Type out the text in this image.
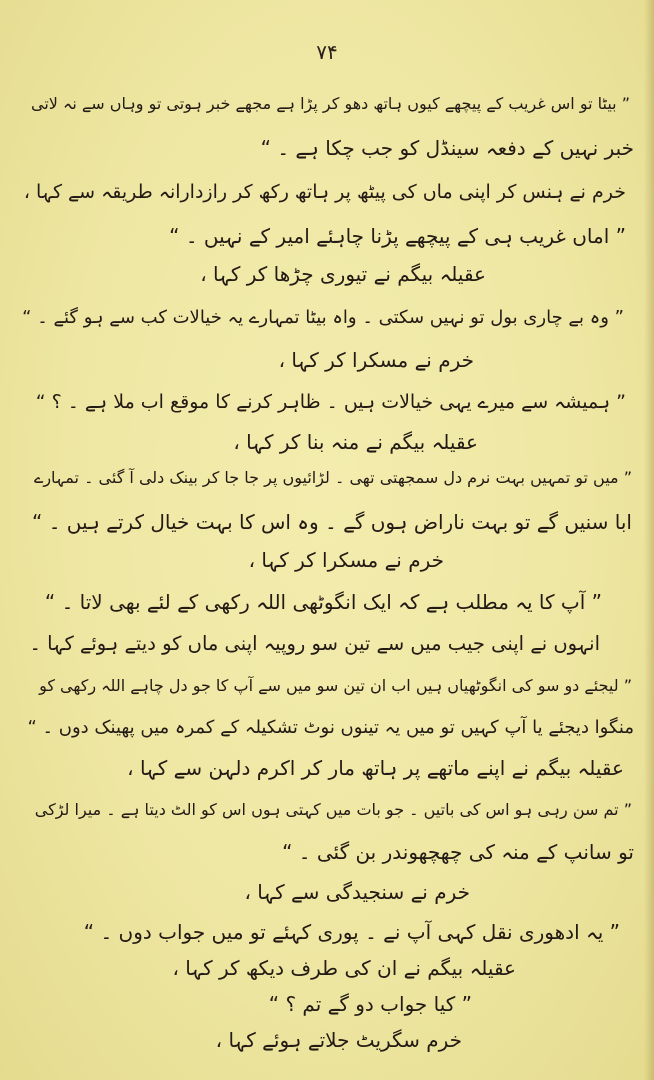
۷۴
” بیٹا تو اس غریب کے پیچھے کیوں ہاتھ دھو کر پڑا ہے مجھے خبر ہوتی تو وہاں سے نہ لاتی
خبر نہیں کے دفعہ سینڈل کو جب چکا ہے ۔ “
خرم نے ہنس کر اپنی ماں کی پیٹھ پر ہاتھ رکھ کر رازدارانہ طریقہ سے کہا ،
” اماں غریب ہی کے پیچھے پڑنا چاہئے امیر کے نہیں ۔ “
عقیلہ بیگم نے تیوری چڑھا کر کہا ،
” وہ بے چاری بول تو نہیں سکتی ۔ واہ بیٹا تمہارے یہ خیالات کب سے ہو گئے ۔ “
خرم نے مسکرا کر کہا ،
” ہمیشہ سے میرے یہی خیالات ہیں ۔ ظاہر کرنے کا موقع اب ملا ہے ۔ ؟ “
عقیلہ بیگم نے منہ بنا کر کہا ،
” میں تو تمہیں بہت نرم دل سمجھتی تھی ۔ لڑائیوں پر جا جا کر بینک دلی آ گئی ۔ تمہارے
ابا سنیں گے تو بہت ناراض ہوں گے ۔ وہ اس کا بہت خیال کرتے ہیں ۔ “
خرم نے مسکرا کر کہا ،
” آپ کا یہ مطلب ہے کہ ایک انگوٹھی اللہ رکھی کے لئے بھی لاتا ۔ “
انہوں نے اپنی جیب میں سے تین سو روپیہ اپنی ماں کو دیتے ہوئے کہا ۔
” لیجئے دو سو کی انگوٹھیاں ہیں اب ان تین سو میں سے آپ کا جو دل چاہے اللہ رکھی کو
منگوا دیجئے یا آپ کہیں تو میں یہ تینوں نوٹ تشکیلہ کے کمرہ میں پھینک دوں ۔ “
عقیلہ بیگم نے اپنے ماتھے پر ہاتھ مار کر اکرم دلہن سے کہا ،
” تم سن رہی ہو اس کی باتیں ۔ جو بات میں کہتی ہوں اس کو الٹ دیتا ہے ۔ میرا لڑکی
تو سانپ کے منہ کی چھچھوندر بن گئی ۔ “
خرم نے سنجیدگی سے کہا ،
” یہ ادھوری نقل کہی آپ نے ۔ پوری کہئے تو میں جواب دوں ۔ “
عقیلہ بیگم نے ان کی طرف دیکھ کر کہا ،
” کیا جواب دو گے تم ؟ “
خرم سگریٹ جلاتے ہوئے کہا ،
